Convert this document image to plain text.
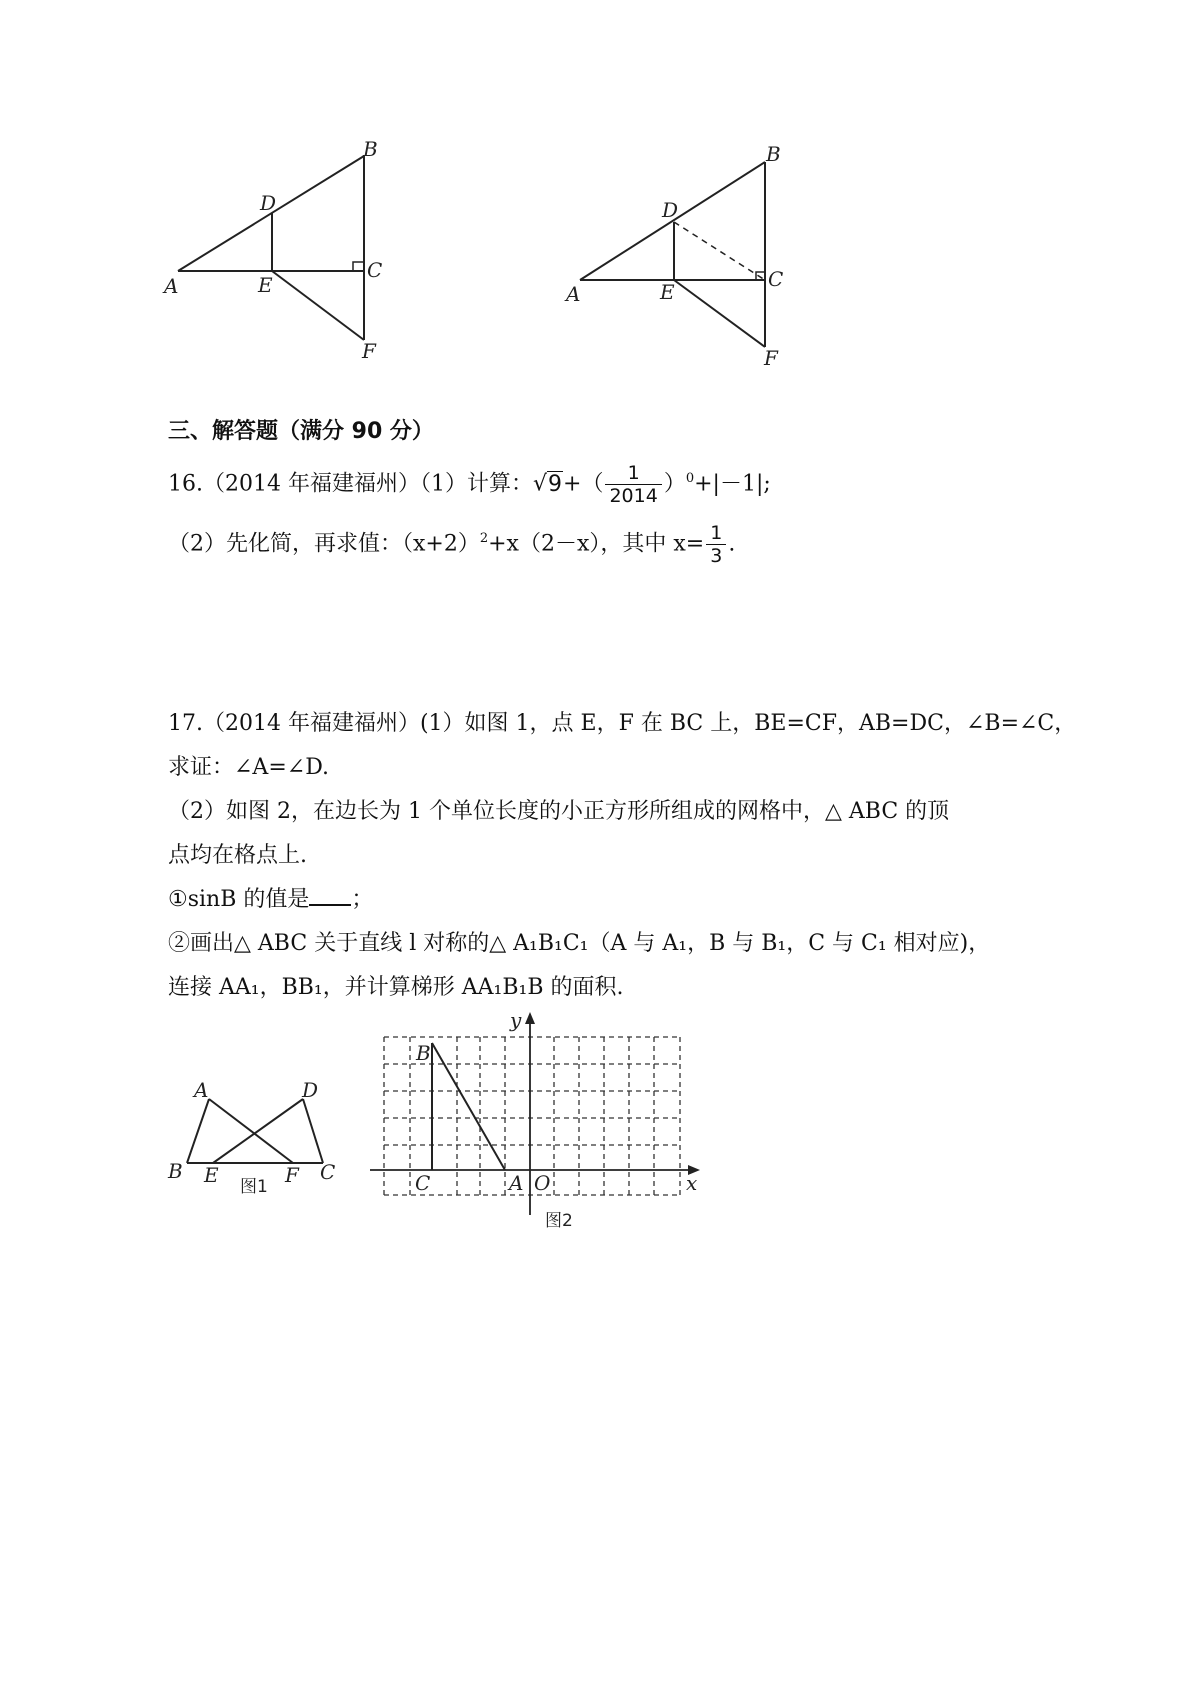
A
B
C
D
E
F
A
B
C
D
E
F
三、解答题（满分 90 分）
16.（2014 年福建福州）（1）计算：$√9+( \frac{1}{2014} )^0+|-1|$;
（2）先化简，再求值：$(x+2)^2+x(2-x)$，其中 $x= \frac{1}{3}$ .
17.（2014 年福建福州）(1）如图 1，点 E，F 在 BC 上，BE=CF，AB=DC，∠B=∠C，
求证：∠A=∠D.
（2）如图 2，在边长为 1 个单位长度的小正方形所组成的网格中，△ ABC 的顶
点均在格点上.
①sinB 的值是 ；
②画出△ ABC 关于直线 l 对称的△ A₁B₁C₁（A 与 A₁，B 与 B₁，C 与 C₁ 相对应)，
连接 AA₁，BB₁，并计算梯形 AA₁B₁B 的面积.
A
B	C
D
E	F
图1
B
C	A O	x
y
图2
